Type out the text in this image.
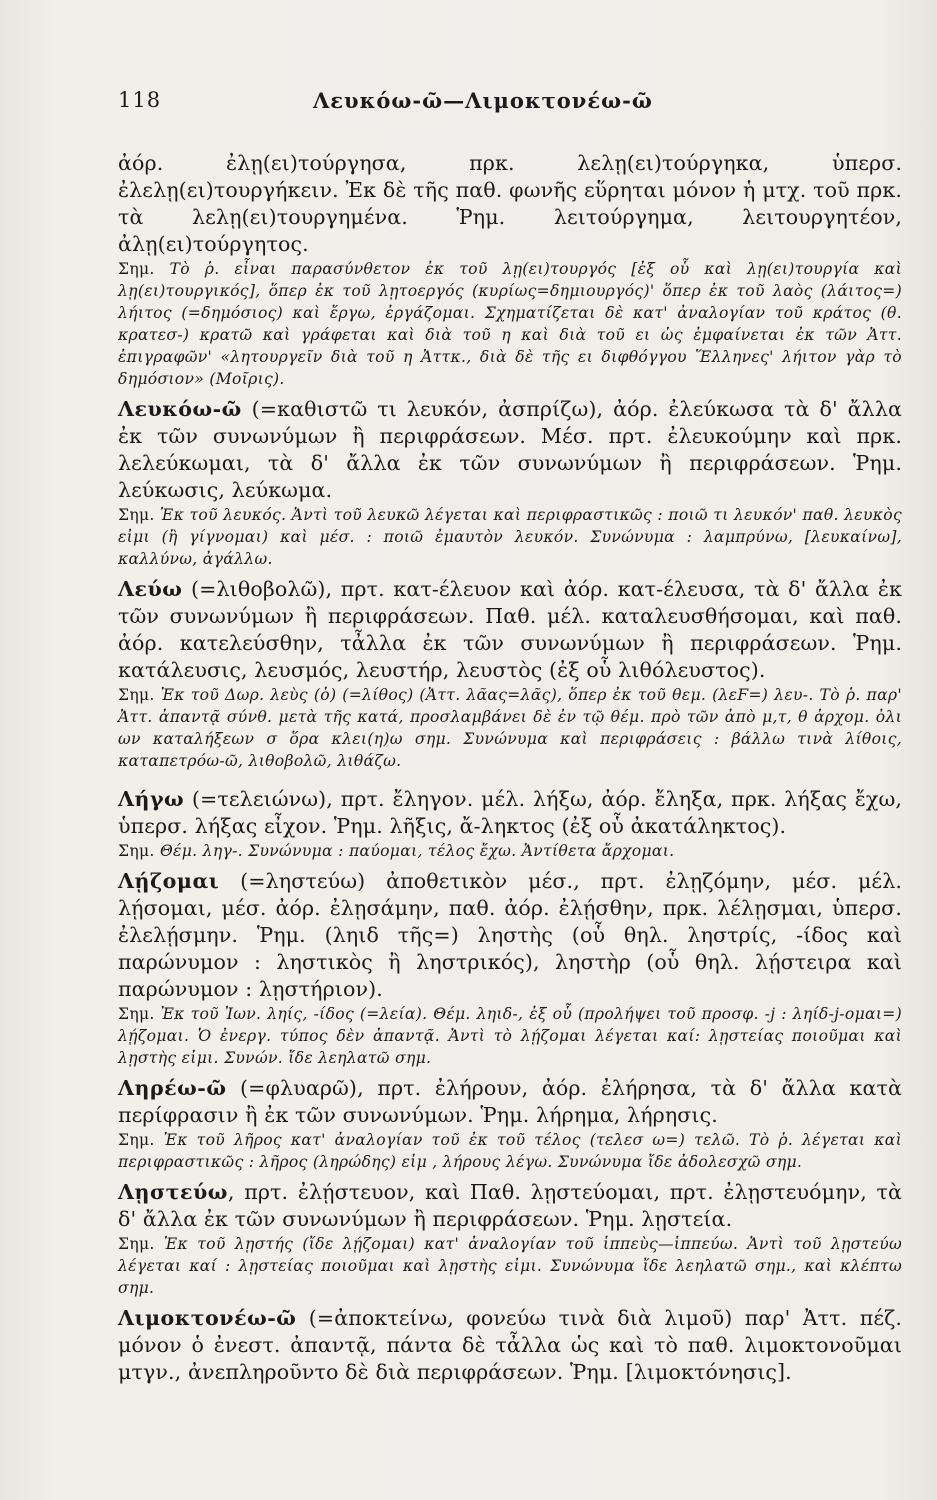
118	Λευκόω-ῶ—Λιμοκτονέω-ῶ

ἀόρ. ἐλῃ(ει)τούργησα, πρκ. λελῃ(ει)τούργηκα, ὑπερσ. ἐλελῃ(ει)τουργήκειν. Ἐκ δὲ τῆς παθ. φωνῆς εὕρηται μόνον ἡ μτχ. τοῦ πρκ. τὰ λελῃ(ει)τουργημένα. Ῥημ. λειτούργημα, λειτουργητέον, ἀλῃ(ει)τούργητος.

Σημ. Τὸ ῥ. εἶναι παρασύνθετον ἐκ τοῦ λῃ(ει)τουργός [ἐξ οὗ καὶ λῃ(ει)τουργία καὶ λῃ(ει)τουργικός], ὅπερ ἐκ τοῦ λῃτοεργός (κυρίως=δημιουργός)' ὅπερ ἐκ τοῦ λαὸς (λάιτος=) λήιτος (=δημόσιος) καὶ ἔργω, ἐργάζομαι. Σχηματίζεται δὲ κατ' ἀναλογίαν τοῦ κράτος (θ. κρατεσ-) κρατῶ καὶ γράφεται καὶ διὰ τοῦ η καὶ διὰ τοῦ ει ὡς ἐμφαίνεται ἐκ τῶν Ἀττ. ἐπιγραφῶν' «λητουργεῖν διὰ τοῦ η Ἀττκ., διὰ δὲ τῆς ει διφθόγγου Ἕλληνες' λήιτον γὰρ τὸ δημόσιον» (Μοῖρις).

Λευκόω-ῶ (=καθιστῶ τι λευκόν, ἀσπρίζω), ἀόρ. ἐλεύκωσα τὰ δ' ἄλλα ἐκ τῶν συνωνύμων ἢ περιφράσεων. Μέσ. πρτ. ἐλευκούμην καὶ πρκ. λελεύκωμαι, τὰ δ' ἄλλα ἐκ τῶν συνωνύμων ἢ περιφράσεων. Ῥημ. λεύκωσις, λεύκωμα.

Σημ. Ἐκ τοῦ λευκός. Ἀντὶ τοῦ λευκῶ λέγεται καὶ περιφραστικῶς : ποιῶ τι λευκόν' παθ. λευκὸς εἰμι (ἢ γίγνομαι) καὶ μέσ. : ποιῶ ἐμαυτὸν λευκόν. Συνώνυμα : λαμπρύνω, [λευκαίνω], καλλύνω, ἀγάλλω.

Λεύω (=λιθοβολῶ), πρτ. κατ-έλευον καὶ ἀόρ. κατ-έλευσα, τὰ δ' ἄλλα ἐκ τῶν συνωνύμων ἢ περιφράσεων. Παθ. μέλ. καταλευσθήσομαι, καὶ παθ. ἀόρ. κατελεύσθην, τἆλλα ἐκ τῶν συνωνύμων ἢ περιφράσεων. Ῥημ. κατάλευσις, λευσμός, λευστήρ, λευστὸς (ἐξ οὗ λιθόλευστος).

Σημ. Ἐκ τοῦ Δωρ. λεὺς (ὁ) (=λίθος) (Ἀττ. λᾶας=λᾶς), ὅπερ ἐκ τοῦ θεμ. (λεϜ=) λευ-. Τὸ ῥ. παρ' Ἀττ. ἀπαντᾷ σύνθ. μετὰ τῆς κατά, προσλαμβάνει δὲ ἐν τῷ θέμ. πρὸ τῶν ἀπὸ μ,τ, θ ἀρχομ. ὀλι ων καταλήξεων σ ὅρα κλει(η)ω σημ. Συνώνυμα καὶ περιφράσεις : βάλλω τινὰ λίθοις, καταπετρόω-ῶ, λιθοβολῶ, λιθάζω.

Λήγω (=τελειώνω), πρτ. ἔληγον. μέλ. λήξω, ἀόρ. ἔληξα, πρκ. λήξας ἔχω, ὑπερσ. λήξας εἶχον. Ῥημ. λῆξις, ἄ-ληκτος (ἐξ οὗ ἀκατάληκτος).

Σημ. Θέμ. ληγ-. Συνώνυμα : παύομαι, τέλος ἔχω. Ἀντίθετα ἄρχομαι.

Λῄζομαι (=ληστεύω) ἀποθετικὸν μέσ., πρτ. ἐλῃζόμην, μέσ. μέλ. λῄσομαι, μέσ. ἀόρ. ἐλῃσάμην, παθ. ἀόρ. ἐλῄσθην, πρκ. λέλῃσμαι, ὑπερσ. ἐλελῄσμην. Ῥημ. (ληιδ τῆς=) ληστὴς (οὗ θηλ. ληστρίς, -ίδος καὶ παρώνυμον : ληστικὸς ἢ ληστρικός), ληστὴρ (οὗ θηλ. λῄστειρα καὶ παρώνυμον : λῃστήριον).

Σημ. Ἐκ τοῦ Ἰων. ληίς, -ίδος (=λεία). Θέμ. ληιδ-, ἐξ οὗ (προλήψει τοῦ προσφ. -j : ληίδ-j-ομαι=) λῄζομαι. Ὁ ἐνεργ. τύπος δὲν ἀπαντᾷ. Ἀντὶ τὸ λῄζομαι λέγεται καί: λῃστείας ποιοῦμαι καὶ λῃστὴς εἰμι. Συνών. ἴδε λεηλατῶ σημ.

Ληρέω-ῶ (=φλυαρῶ), πρτ. ἐλήρουν, ἀόρ. ἐλήρησα, τὰ δ' ἄλλα κατὰ περίφρασιν ἢ ἐκ τῶν συνωνύμων. Ῥημ. λήρημα, λήρησις.

Σημ. Ἐκ τοῦ λῆρος κατ' ἀναλογίαν τοῦ ἐκ τοῦ τέλος (τελεσ ω=) τελῶ. Τὸ ῥ. λέγεται καὶ περιφραστικῶς : λῆρος (ληρώδης) εἰμ , λήρους λέγω. Συνώνυμα ἴδε ἀδολεσχῶ σημ.

Λῃστεύω, πρτ. ἐλῄστευον, καὶ Παθ. λῃστεύομαι, πρτ. ἐλῃστευόμην, τὰ δ' ἄλλα ἐκ τῶν συνωνύμων ἢ περιφράσεων. Ῥημ. λῃστεία.

Σημ. Ἐκ τοῦ λῃστής (ἴδε λῄζομαι) κατ' ἀναλογίαν τοῦ ἱππεὺς—ἱππεύω. Ἀντὶ τοῦ λῃστεύω λέγεται καί : λῃστείας ποιοῦμαι καὶ λῃστὴς εἰμι. Συνώνυμα ἴδε λεηλατῶ σημ., καὶ κλέπτω σημ.

Λιμοκτονέω-ῶ (=ἀποκτείνω, φονεύω τινὰ διὰ λιμοῦ) παρ' Ἀττ. πέζ. μόνον ὁ ἐνεστ. ἀπαντᾷ, πάντα δὲ τἆλλα ὡς καὶ τὸ παθ. λιμοκτονοῦμαι μτγν., ἀνεπληροῦντο δὲ διὰ περιφράσεων. Ῥημ. [λιμοκτόνησις].
